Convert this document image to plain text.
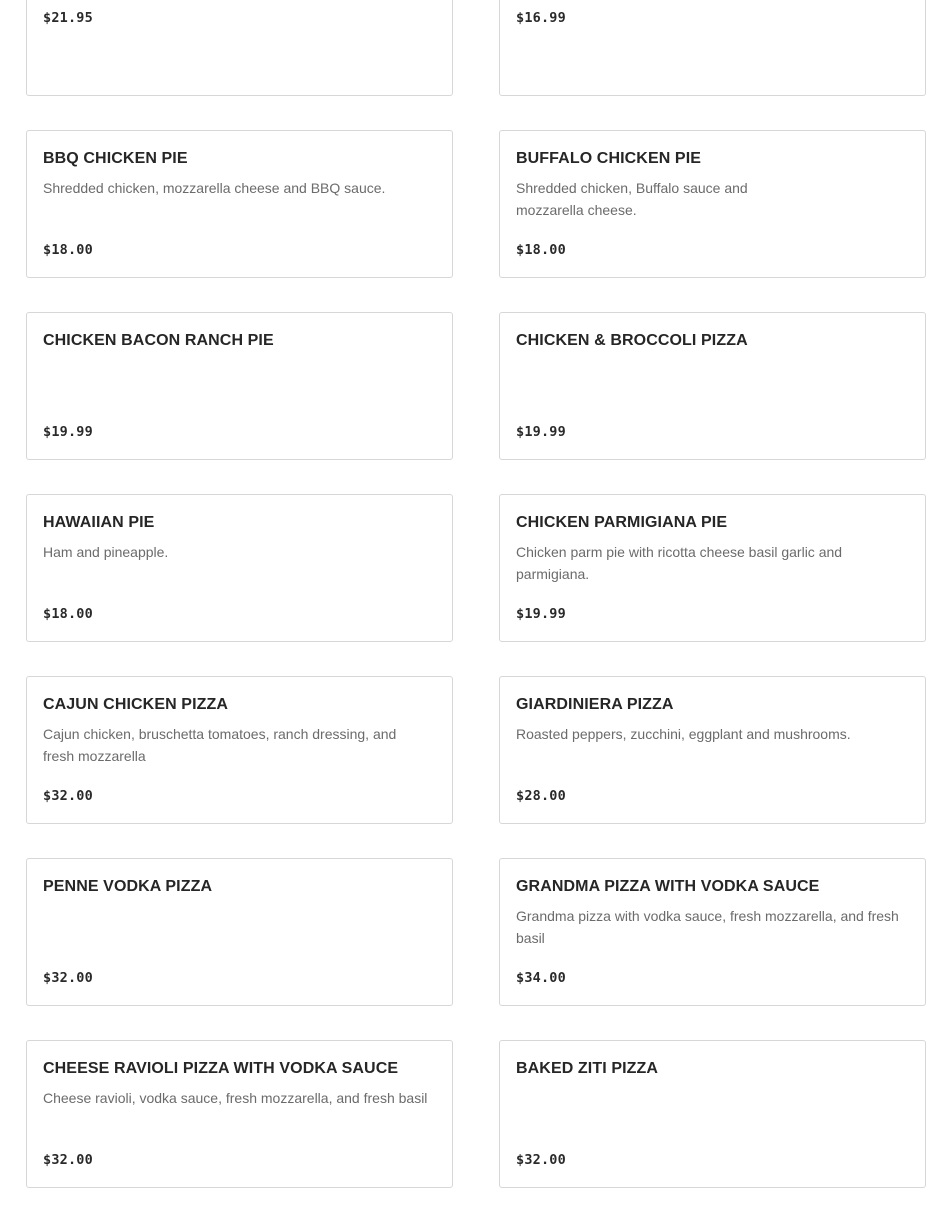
$21.95	$16.99
BBQ CHICKEN PIE
Shredded chicken, mozzarella cheese and BBQ sauce.
$18.00
BUFFALO CHICKEN PIE
Shredded chicken, Buffalo sauce and mozzarella cheese.
$18.00
CHICKEN BACON RANCH PIE
$19.99
CHICKEN & BROCCOLI PIZZA
$19.99
HAWAIIAN PIE
Ham and pineapple.
$18.00
CHICKEN PARMIGIANA PIE
Chicken parm pie with ricotta cheese basil garlic and parmigiana.
$19.99
CAJUN CHICKEN PIZZA
Cajun chicken, bruschetta tomatoes, ranch dressing, and fresh mozzarella
$32.00
GIARDINIERA PIZZA
Roasted peppers, zucchini, eggplant and mushrooms.
$28.00
PENNE VODKA PIZZA
$32.00
GRANDMA PIZZA WITH VODKA SAUCE
Grandma pizza with vodka sauce, fresh mozzarella, and fresh basil
$34.00
CHEESE RAVIOLI PIZZA WITH VODKA SAUCE
Cheese ravioli, vodka sauce, fresh mozzarella, and fresh basil
$32.00
BAKED ZITI PIZZA
$32.00
